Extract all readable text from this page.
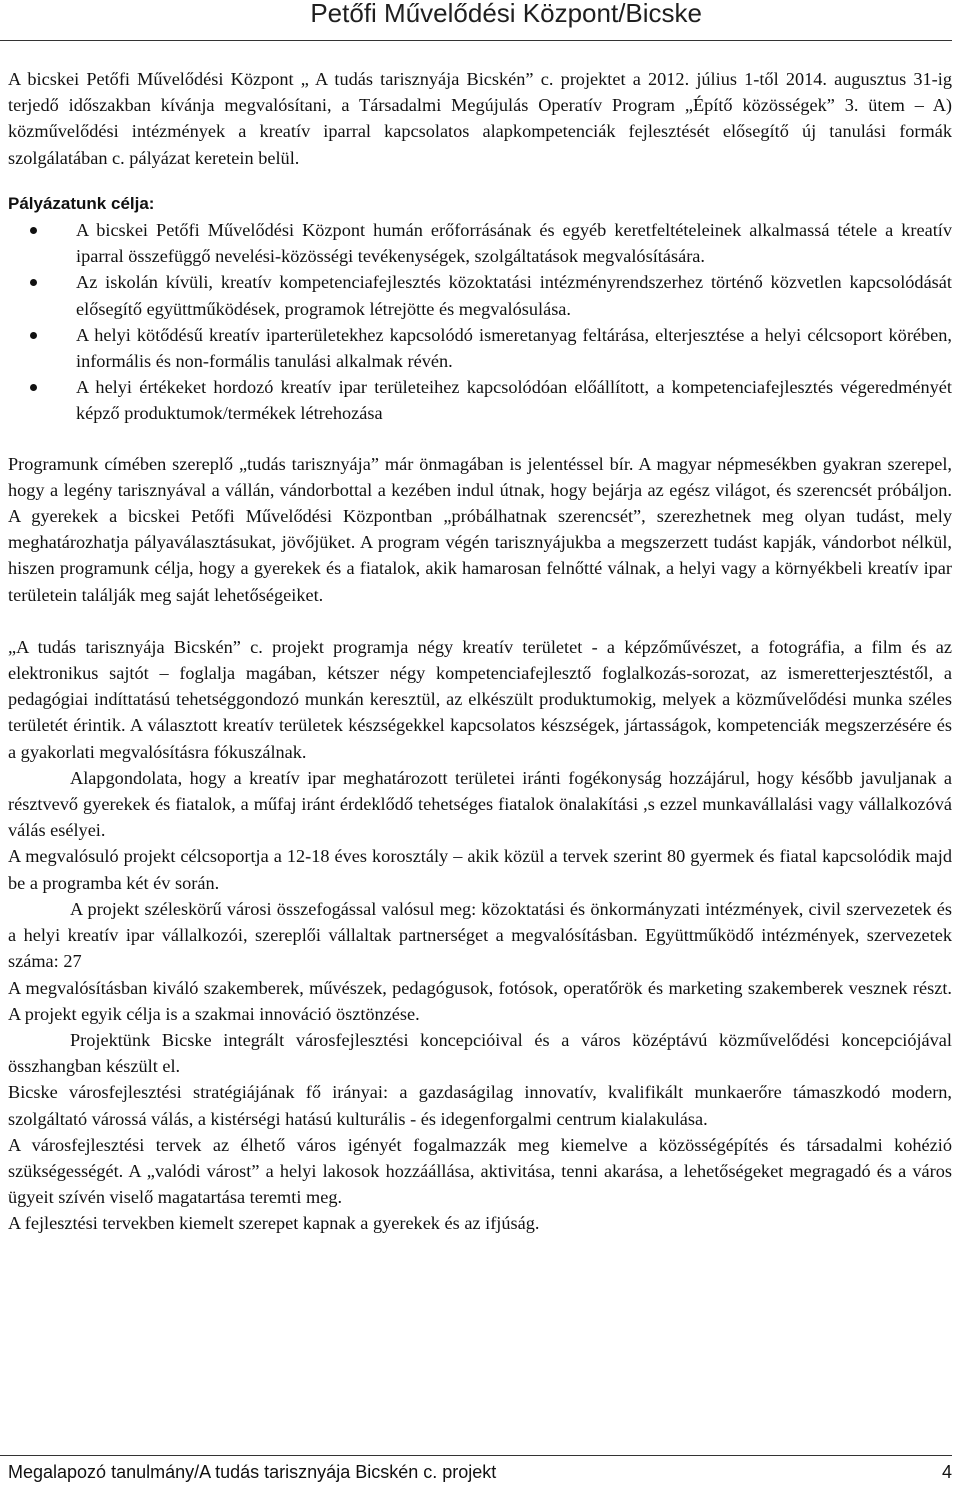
Petőfi Művelődési Központ/Bicske

A bicskei Petőfi Művelődési Központ „ A tudás tarisznyája Bicskén” c. projektet a 2012. július 1-től 2014. augusztus 31-ig terjedő időszakban kívánja megvalósítani, a Társadalmi Megújulás Operatív Program „Építő közösségek” 3. ütem – A) közművelődési intézmények a kreatív iparral kapcsolatos alapkompetenciák fejlesztését elősegítő új tanulási formák szolgálatában c. pályázat keretein belül.

Pályázatunk célja:

A bicskei Petőfi Művelődési Központ humán erőforrásának és egyéb keretfeltételeinek alkalmassá tétele a kreatív iparral összefüggő nevelési-közösségi tevékenységek, szolgáltatások megvalósítására.
Az iskolán kívüli, kreatív kompetenciafejlesztés közoktatási intézményrendszerhez történő közvetlen kapcsolódását elősegítő együttműködések, programok létrejötte és megvalósulása.
A helyi kötődésű kreatív iparterületekhez kapcsolódó ismeretanyag feltárása, elterjesztése a helyi célcsoport körében, informális és non-formális tanulási alkalmak révén.
A helyi értékeket hordozó kreatív ipar területeihez kapcsolódóan előállított, a kompetenciafejlesztés végeredményét képző produktumok/termékek létrehozása

Programunk címében szereplő „tudás tarisznyája” már önmagában is jelentéssel bír. A magyar népmesékben gyakran szerepel, hogy a legény tarisznyával a vállán, vándorbottal a kezében indul útnak, hogy bejárja az egész világot, és szerencsét próbáljon. A gyerekek a bicskei Petőfi Művelődési Központban „próbálhatnak szerencsét”, szerezhetnek meg olyan tudást, mely meghatározhatja pályaválasztásukat, jövőjüket. A program végén tarisznyájukba a megszerzett tudást kapják, vándorbot nélkül, hiszen programunk célja, hogy a gyerekek és a fiatalok, akik hamarosan felnőtté válnak, a helyi vagy a környékbeli kreatív ipar területein találják meg saját lehetőségeiket.

„A tudás tarisznyája Bicskén” c. projekt programja négy kreatív területet - a képzőművészet, a fotográfia, a film és az elektronikus sajtót – foglalja magában, kétszer négy kompetenciafejlesztő foglalkozás-sorozat, az ismeretterjesztéstől, a pedagógiai indíttatású tehetséggondozó munkán keresztül, az elkészült produktumokig, melyek a közművelődési munka széles területét érintik. A választott kreatív területek készségekkel kapcsolatos készségek, jártasságok, kompetenciák megszerzésére és a gyakorlati megvalósításra fókuszálnak.

Alapgondolata, hogy a kreatív ipar meghatározott területei iránti fogékonyság hozzájárul, hogy később javuljanak a résztvevő gyerekek és fiatalok, a műfaj iránt érdeklődő tehetséges fiatalok önalakítási ,s ezzel munkavállalási vagy vállalkozóvá válás esélyei.

A megvalósuló projekt célcsoportja a 12-18 éves korosztály – akik közül a tervek szerint 80 gyermek és fiatal kapcsolódik majd be a programba két év során.

A projekt széleskörű városi összefogással valósul meg: közoktatási és önkormányzati intézmények, civil szervezetek és a helyi kreatív ipar vállalkozói, szereplői vállaltak partnerséget a megvalósításban. Együttműködő intézmények, szervezetek száma: 27

A megvalósításban kiváló szakemberek, művészek, pedagógusok, fotósok, operatőrök és marketing szakemberek vesznek részt. A projekt egyik célja is a szakmai innováció ösztönzése.

Projektünk Bicske integrált városfejlesztési koncepcióival és a város középtávú közművelődési koncepciójával összhangban készült el.

Bicske városfejlesztési stratégiájának fő irányai: a gazdaságilag innovatív, kvalifikált munkaerőre támaszkodó modern, szolgáltató várossá válás, a kistérségi hatású kulturális - és idegenforgalmi centrum kialakulása.

A városfejlesztési tervek az élhető város igényét fogalmazzák meg kiemelve a közösségépítés és társadalmi kohézió szükségességét. A „valódi várost” a helyi lakosok hozzáállása, aktivitása, tenni akarása, a lehetőségeket megragadó és a város ügyeit szívén viselő magatartása teremti meg.

A fejlesztési tervekben kiemelt szerepet kapnak a gyerekek és az ifjúság.

Megalapozó tanulmány/A tudás tarisznyája Bicskén c. projekt	4
